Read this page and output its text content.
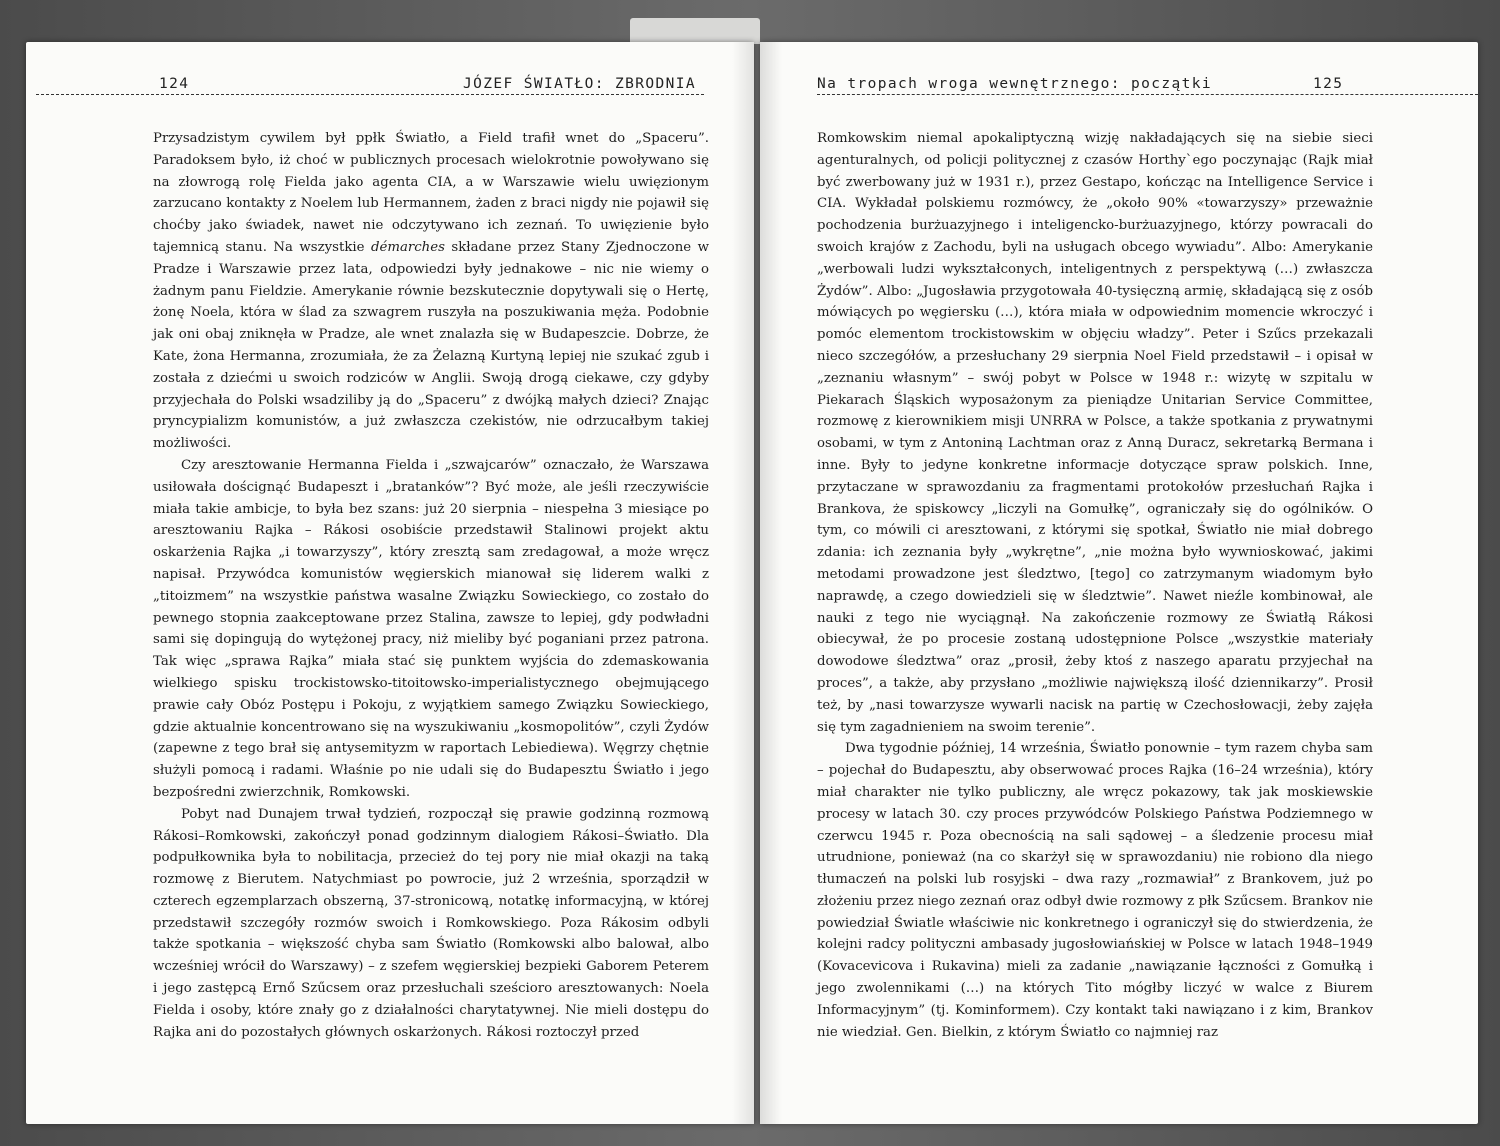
124	JÓZEF ŚWIATŁO: ZBRODNIA

Przysadzistym cywilem był ppłk Światło, a Field trafił wnet do „Spaceru”. Paradoksem było, iż choć w publicznych procesach wielokrotnie powoływano się na złowrogą rolę Fielda jako agenta CIA, a w Warszawie wielu uwięzionym zarzucano kontakty z Noelem lub Hermannem, żaden z braci nigdy nie pojawił się choćby jako świadek, nawet nie odczytywano ich zeznań. To uwięzienie było tajemnicą stanu. Na wszystkie démarches składane przez Stany Zjednoczone w Pradze i Warszawie przez lata, odpowiedzi były jednakowe – nic nie wiemy o żadnym panu Fieldzie. Amerykanie równie bezskutecznie dopytywali się o Hertę, żonę Noela, która w ślad za szwagrem ruszyła na poszukiwania męża. Podobnie jak oni obaj zniknęła w Pradze, ale wnet znalazła się w Budapeszcie. Dobrze, że Kate, żona Hermanna, zrozumiała, że za Żelazną Kurtyną lepiej nie szukać zgub i została z dziećmi u swoich rodziców w Anglii. Swoją drogą ciekawe, czy gdyby przyjechała do Polski wsadziliby ją do „Spaceru” z dwójką małych dzieci? Znając pryncypializm komunistów, a już zwłaszcza czekistów, nie odrzucałbym takiej możliwości.

Czy aresztowanie Hermanna Fielda i „szwajcarów” oznaczało, że Warszawa usiłowała doścignąć Budapeszt i „bratanków”? Być może, ale jeśli rzeczywiście miała takie ambicje, to była bez szans: już 20 sierpnia – niespełna 3 miesiące po aresztowaniu Rajka – Rákosi osobiście przedstawił Stalinowi projekt aktu oskarżenia Rajka „i towarzyszy”, który zresztą sam zredagował, a może wręcz napisał. Przywódca komunistów węgierskich mianował się liderem walki z „titoizmem” na wszystkie państwa wasalne Związku Sowieckiego, co zostało do pewnego stopnia zaakceptowane przez Stalina, zawsze to lepiej, gdy podwładni sami się dopingują do wytężonej pracy, niż mieliby być poganiani przez patrona. Tak więc „sprawa Rajka” miała stać się punktem wyjścia do zdemaskowania wielkiego spisku trockistowsko-titoitowsko-imperialistycznego obejmującego prawie cały Obóz Postępu i Pokoju, z wyjątkiem samego Związku Sowieckiego, gdzie aktualnie koncentrowano się na wyszukiwaniu „kosmopolitów”, czyli Żydów (zapewne z tego brał się antysemityzm w raportach Lebiediewa). Węgrzy chętnie służyli pomocą i radami. Właśnie po nie udali się do Budapesztu Światło i jego bezpośredni zwierzchnik, Romkowski.

Pobyt nad Dunajem trwał tydzień, rozpoczął się prawie godzinną rozmową Rákosi–Romkowski, zakończył ponad godzinnym dialogiem Rákosi–Światło. Dla podpułkownika była to nobilitacja, przecież do tej pory nie miał okazji na taką rozmowę z Bierutem. Natychmiast po powrocie, już 2 września, sporządził w czterech egzemplarzach obszerną, 37-stronicową, notatkę informacyjną, w której przedstawił szczegóły rozmów swoich i Romkowskiego. Poza Rákosim odbyli także spotkania – większość chyba sam Światło (Romkowski albo balował, albo wcześniej wrócił do Warszawy) – z szefem węgierskiej bezpieki Gaborem Peterem i jego zastępcą Ernő Szűcsem oraz przesłuchali sześcioro aresztowanych: Noela Fielda i osoby, które znały go z działalności charytatywnej. Nie mieli dostępu do Rajka ani do pozostałych głównych oskarżonych. Rákosi roztoczył przed

Na tropach wroga wewnętrznego: początki	125

Romkowskim niemal apokaliptyczną wizję nakładających się na siebie sieci agenturalnych, od policji politycznej z czasów Horthy`ego poczynając (Rajk miał być zwerbowany już w 1931 r.), przez Gestapo, kończąc na Intelligence Service i CIA. Wykładał polskiemu rozmówcy, że „około 90% «towarzyszy» przeważnie pochodzenia burżuazyjnego i inteligencko-burżuazyjnego, którzy powracali do swoich krajów z Zachodu, byli na usługach obcego wywiadu”. Albo: Amerykanie „werbowali ludzi wykształconych, inteligentnych z perspektywą (…) zwłaszcza Żydów”. Albo: „Jugosławia przygotowała 40-tysięczną armię, składającą się z osób mówiących po węgiersku (…), która miała w odpowiednim momencie wkroczyć i pomóc elementom trockistowskim w objęciu władzy”. Peter i Szűcs przekazali nieco szczegółów, a przesłuchany 29 sierpnia Noel Field przedstawił – i opisał w „zeznaniu własnym” – swój pobyt w Polsce w 1948 r.: wizytę w szpitalu w Piekarach Śląskich wyposażonym za pieniądze Unitarian Service Committee, rozmowę z kierownikiem misji UNRRA w Polsce, a także spotkania z prywatnymi osobami, w tym z Antoniną Lachtman oraz z Anną Duracz, sekretarką Bermana i inne. Były to jedyne konkretne informacje dotyczące spraw polskich. Inne, przytaczane w sprawozdaniu za fragmentami protokołów przesłuchań Rajka i Brankova, że spiskowcy „liczyli na Gomułkę”, ograniczały się do ogólników. O tym, co mówili ci aresztowani, z którymi się spotkał, Światło nie miał dobrego zdania: ich zeznania były „wykrętne”, „nie można było wywnioskować, jakimi metodami prowadzone jest śledztwo, [tego] co zatrzymanym wiadomym było naprawdę, a czego dowiedzieli się w śledztwie”. Nawet nieźle kombinował, ale nauki z tego nie wyciągnął. Na zakończenie rozmowy ze Światłą Rákosi obiecywał, że po procesie zostaną udostępnione Polsce „wszystkie materiały dowodowe śledztwa” oraz „prosił, żeby ktoś z naszego aparatu przyjechał na proces”, a także, aby przysłano „możliwie największą ilość dziennikarzy”. Prosił też, by „nasi towarzysze wywarli nacisk na partię w Czechosłowacji, żeby zajęła się tym zagadnieniem na swoim terenie”.

Dwa tygodnie później, 14 września, Światło ponownie – tym razem chyba sam – pojechał do Budapesztu, aby obserwować proces Rajka (16–24 września), który miał charakter nie tylko publiczny, ale wręcz pokazowy, tak jak moskiewskie procesy w latach 30. czy proces przywódców Polskiego Państwa Podziemnego w czerwcu 1945 r. Poza obecnością na sali sądowej – a śledzenie procesu miał utrudnione, ponieważ (na co skarżył się w sprawozdaniu) nie robiono dla niego tłumaczeń na polski lub rosyjski – dwa razy „rozmawiał” z Brankovem, już po złożeniu przez niego zeznań oraz odbył dwie rozmowy z płk Szűcsem. Brankov nie powiedział Światle właściwie nic konkretnego i ograniczył się do stwierdzenia, że kolejni radcy polityczni ambasady jugosłowiańskiej w Polsce w latach 1948–1949 (Kovacevicova i Rukavina) mieli za zadanie „nawiązanie łączności z Gomułką i jego zwolennikami (…) na których Tito mógłby liczyć w walce z Biurem Informacyjnym” (tj. Kominformem). Czy kontakt taki nawiązano i z kim, Brankov nie wiedział. Gen. Bielkin, z którym Światło co najmniej raz
